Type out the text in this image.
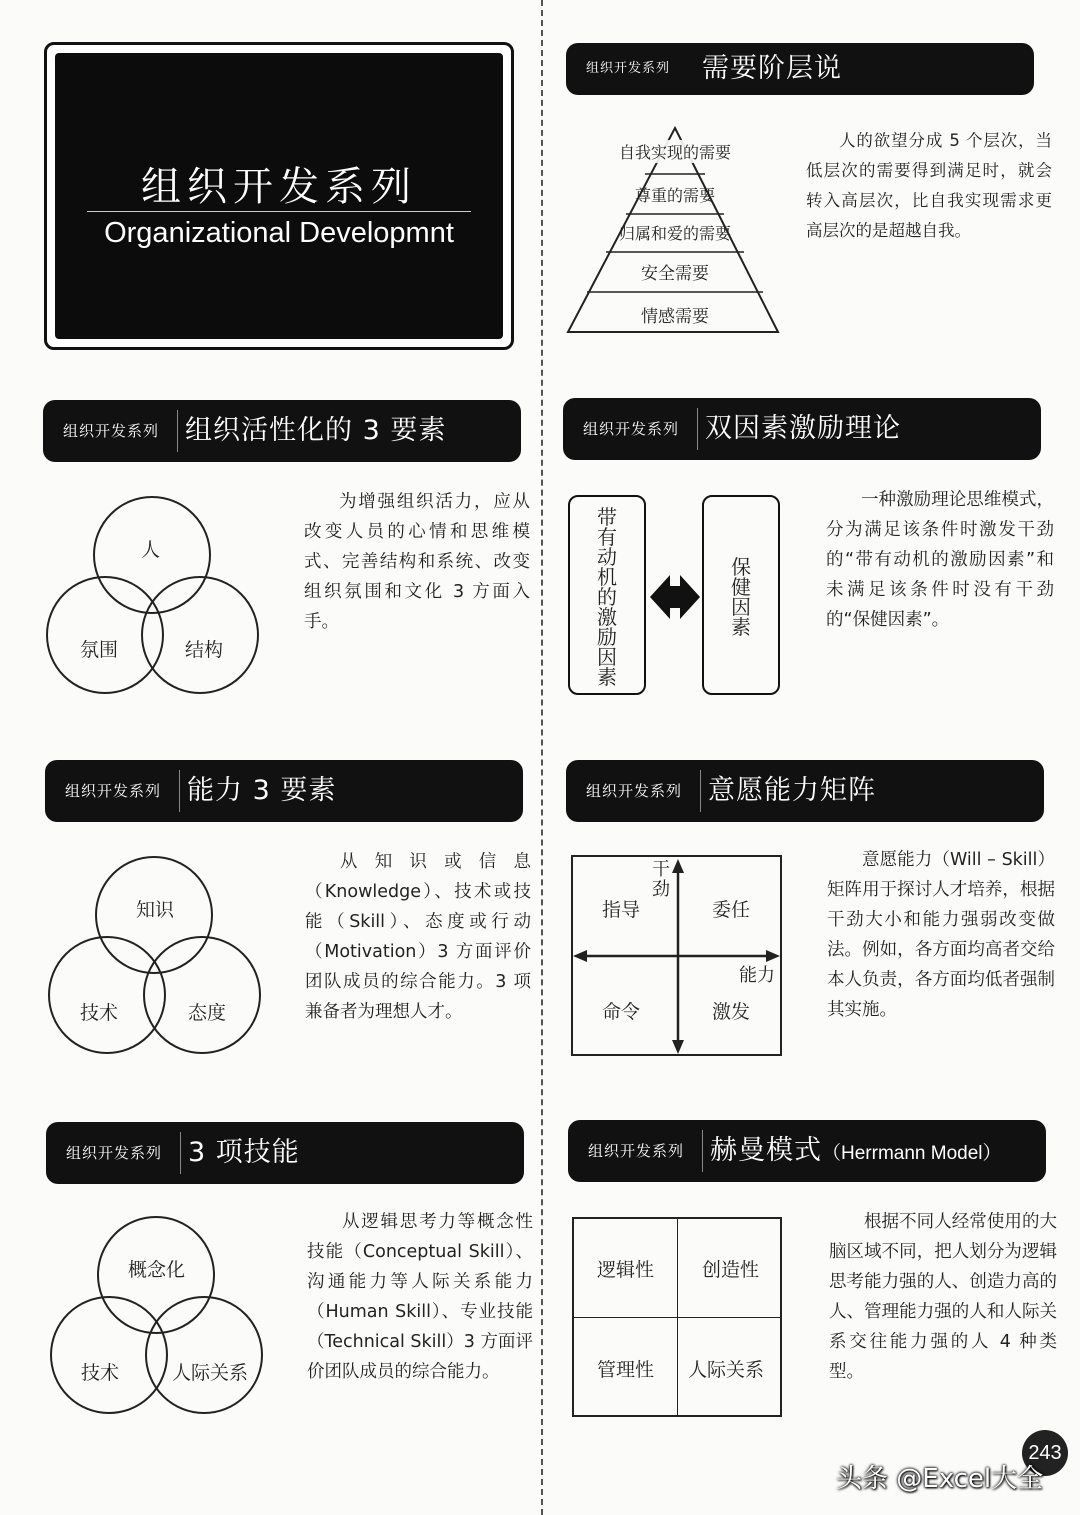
组织开发系列
Organizational Developmnt
组织开发系列 需要阶层说
自我实现的需要
尊重的需要
归属和爱的需要
安全需要
情感需要
人的欲望分成 5 个层次，当低层次的需要得到满足时，就会转入高层次，比自我实现需求更高层次的是超越自我。
组织开发系列 组织活性化的 3 要素
人
氛围	结构
为增强组织活力，应从改变人员的心情和思维模式、完善结构和系统、改变组织氛围和文化 3 方面入手。
组织开发系列 双因素激励理论
带有动机的激励因素
保健因素
一种激励理论思维模式，分为满足该条件时激发干劲的“带有动机的激励因素”和未满足该条件时没有干劲的“保健因素”。
组织开发系列 能力 3 要素
知识
技术	态度
从知识或信息（Knowledge）、技术或技能（Skill）、态度或行动（Motivation）3 方面评价团队成员的综合能力。3 项兼备者为理想人才。
组织开发系列 意愿能力矩阵
干劲
能力
指导	委任
命令	激发
意愿能力（Will – Skill）矩阵用于探讨人才培养，根据干劲大小和能力强弱改变做法。例如，各方面均高者交给本人负责，各方面均低者强制其实施。
组织开发系列 3 项技能
概念化
技术	人际关系
从逻辑思考力等概念性技能（Conceptual Skill）、沟通能力等人际关系能力（Human Skill）、专业技能（Technical Skill）3 方面评价团队成员的综合能力。
组织开发系列 赫曼模式（Herrmann Model）
逻辑性	创造性
管理性 人际关系
根据不同人经常使用的大脑区域不同，把人划分为逻辑思考能力强的人、创造力高的人、管理能力强的人和人际关系交往能力强的人 4 种类型。
243
头条 @Excel大全
